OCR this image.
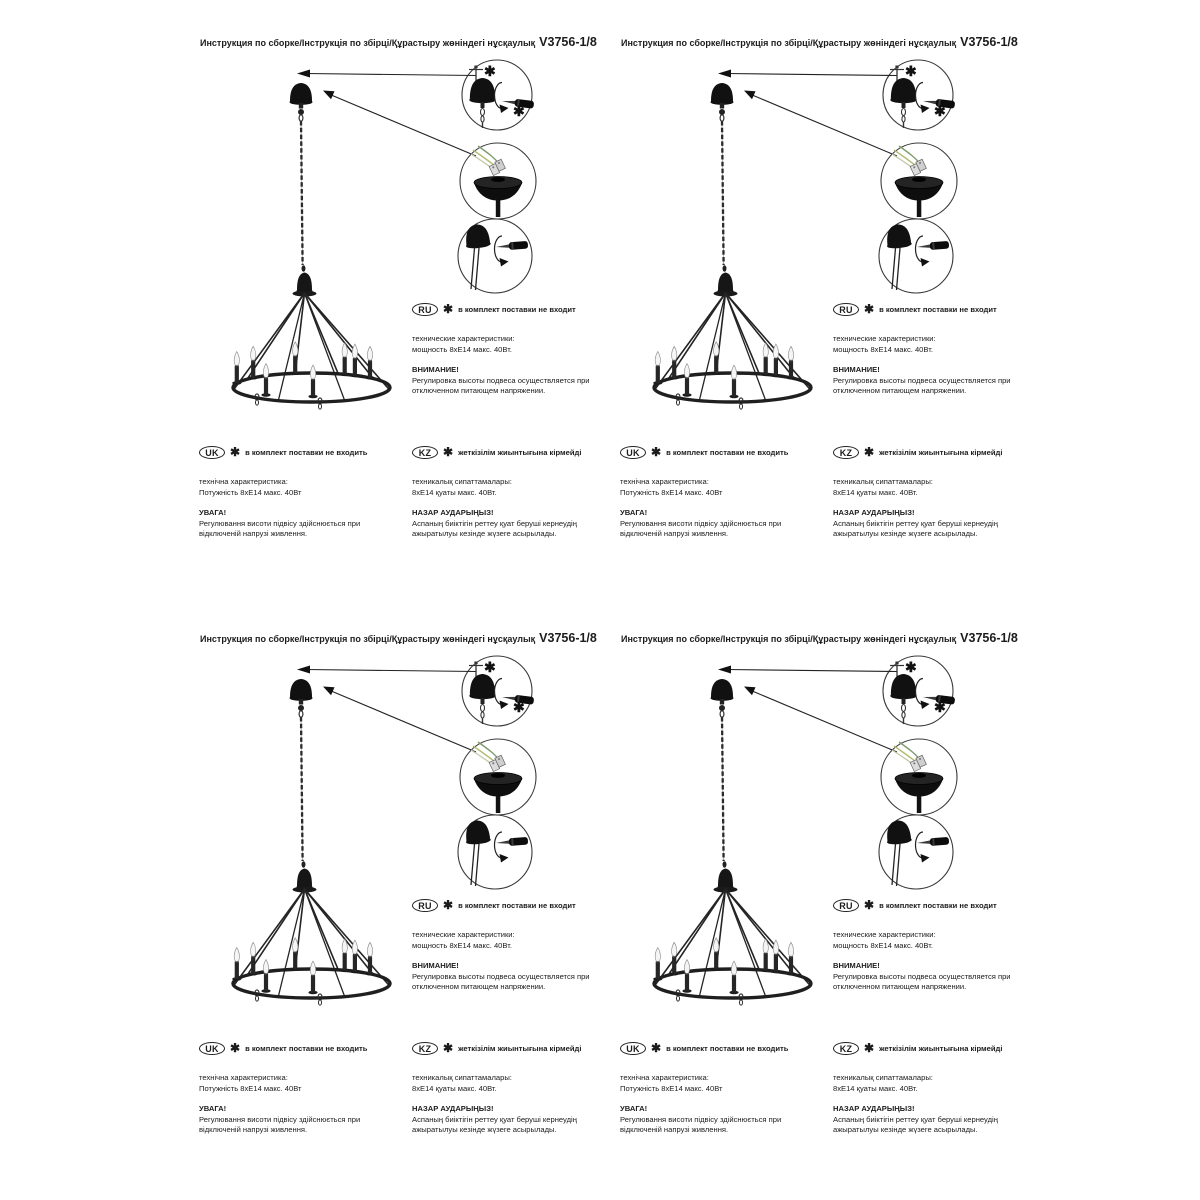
Инструкция по сборке/Інструкція по збірці/Құрастыру жөніндегі нұсқаулық V3756-1/8
✱
✱
RU ✱ в комплект поставки не входит
технические характеристики:
мощность 8хЕ14 макс. 40Вт.
ВНИМАНИЕ!
Регулировка высоты подвеса осуществляется при отключенном питающем напряжении.
UK ✱ в комплект поставки не входить
технічна характеристика:
Потужність 8хЕ14 макс. 40Вт
УВАГА!
Регулювання висоти підвісу здійснюється при відключеній напрузі живлення.
KZ ✱ жеткізілім жиынтығына кірмейді
техникалық сипаттамалары:
8хЕ14 қуаты макс. 40Вт.
НАЗАР АУДАРЫҢЫЗ!
Аспаның биіктігін реттеу қуат беруші кернеудің ажыратылуы кезінде жүзеге асырылады.
Инструкция по сборке/Інструкція по збірці/Құрастыру жөніндегі нұсқаулық V3756-1/8
✱
✱
RU ✱ в комплект поставки не входит
технические характеристики:
мощность 8хЕ14 макс. 40Вт.
ВНИМАНИЕ!
Регулировка высоты подвеса осуществляется при отключенном питающем напряжении.
UK ✱ в комплект поставки не входить
технічна характеристика:
Потужність 8хЕ14 макс. 40Вт
УВАГА!
Регулювання висоти підвісу здійснюється при відключеній напрузі живлення.
KZ ✱ жеткізілім жиынтығына кірмейді
техникалық сипаттамалары:
8хЕ14 қуаты макс. 40Вт.
НАЗАР АУДАРЫҢЫЗ!
Аспаның биіктігін реттеу қуат беруші кернеудің ажыратылуы кезінде жүзеге асырылады.
Инструкция по сборке/Інструкція по збірці/Құрастыру жөніндегі нұсқаулық V3756-1/8
✱
✱
RU ✱ в комплект поставки не входит
технические характеристики:
мощность 8хЕ14 макс. 40Вт.
ВНИМАНИЕ!
Регулировка высоты подвеса осуществляется при отключенном питающем напряжении.
UK ✱ в комплект поставки не входить
технічна характеристика:
Потужність 8хЕ14 макс. 40Вт
УВАГА!
Регулювання висоти підвісу здійснюється при відключеній напрузі живлення.
KZ ✱ жеткізілім жиынтығына кірмейді
техникалық сипаттамалары:
8хЕ14 қуаты макс. 40Вт.
НАЗАР АУДАРЫҢЫЗ!
Аспаның биіктігін реттеу қуат беруші кернеудің ажыратылуы кезінде жүзеге асырылады.
Инструкция по сборке/Інструкція по збірці/Құрастыру жөніндегі нұсқаулық V3756-1/8
✱
✱
RU ✱ в комплект поставки не входит
технические характеристики:
мощность 8хЕ14 макс. 40Вт.
ВНИМАНИЕ!
Регулировка высоты подвеса осуществляется при отключенном питающем напряжении.
UK ✱ в комплект поставки не входить
технічна характеристика:
Потужність 8хЕ14 макс. 40Вт
УВАГА!
Регулювання висоти підвісу здійснюється при відключеній напрузі живлення.
KZ ✱ жеткізілім жиынтығына кірмейді
техникалық сипаттамалары:
8хЕ14 қуаты макс. 40Вт.
НАЗАР АУДАРЫҢЫЗ!
Аспаның биіктігін реттеу қуат беруші кернеудің ажыратылуы кезінде жүзеге асырылады.
